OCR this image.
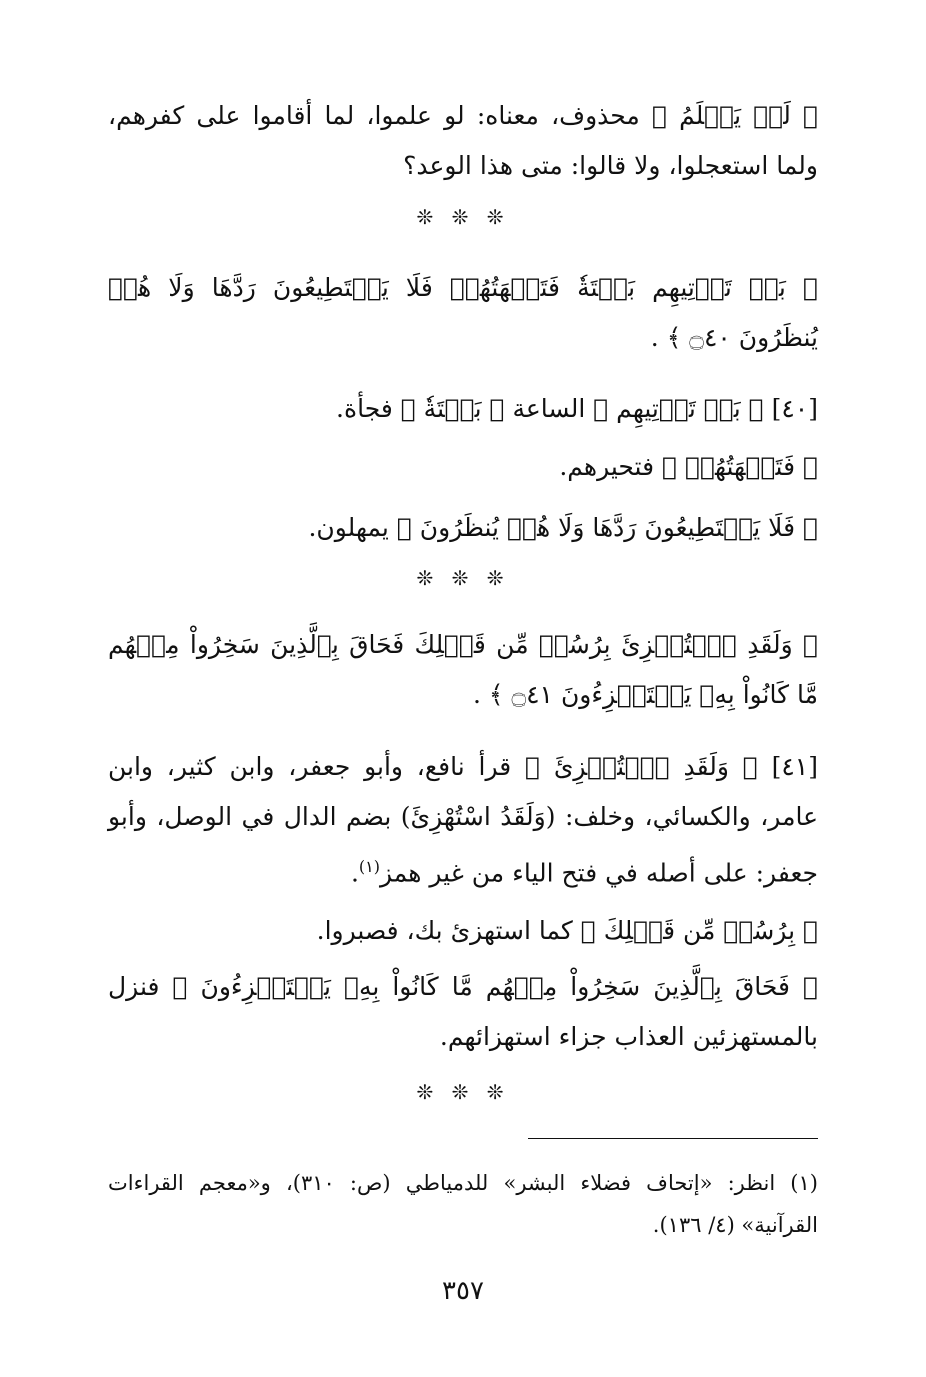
﴿ لَوۡ يَعۡلَمُ ﴾ محذوف، معناه: لو علموا، لما أقاموا على كفرهم، ولما استعجلوا، ولا قالوا: متى هذا الوعد؟

❊ ❊ ❊

﴿ بَلۡ تَأۡتِيهِم بَغۡتَةٗ فَتَبۡهَتُهُمۡ فَلَا يَسۡتَطِيعُونَ رَدَّهَا وَلَا هُمۡ يُنظَرُونَ ۝٤٠ ﴾ .

[٤٠] ﴿ بَلۡ تَأۡتِيهِم ﴾ الساعة ﴿ بَغۡتَةٗ ﴾ فجأة.

﴿ فَتَبۡهَتُهُمۡ ﴾ فتحيرهم.

﴿ فَلَا يَسۡتَطِيعُونَ رَدَّهَا وَلَا هُمۡ يُنظَرُونَ ﴾ يمهلون.

❊ ❊ ❊

﴿ وَلَقَدِ ٱسۡتُهۡزِئَ بِرُسُلٖ مِّن قَبۡلِكَ فَحَاقَ بِٱلَّذِينَ سَخِرُواْ مِنۡهُم مَّا كَانُواْ بِهِۦ يَسۡتَهۡزِءُونَ ۝٤١ ﴾ .

[٤١] ﴿ وَلَقَدِ ٱسۡتُهۡزِئَ ﴾ قرأ نافع، وأبو جعفر، وابن كثير، وابن عامر، والكسائي، وخلف: (وَلَقَدُ اسْتُهْزِئَ) بضم الدال في الوصل، وأبو جعفر: على أصله في فتح الياء من غير همز$^{(١)}$.

﴿ بِرُسُلٖ مِّن قَبۡلِكَ ﴾ كما استهزئ بك، فصبروا.

﴿ فَحَاقَ بِٱلَّذِينَ سَخِرُواْ مِنۡهُم مَّا كَانُواْ بِهِۦ يَسۡتَهۡزِءُونَ ﴾ فنزل بالمستهزئين العذاب جزاء استهزائهم.

❊ ❊ ❊

(١) انظر: «إتحاف فضلاء البشر» للدمياطي (ص: ٣١٠)، و«معجم القراءات القرآنية» (٤/ ١٣٦).

٣٥٧
